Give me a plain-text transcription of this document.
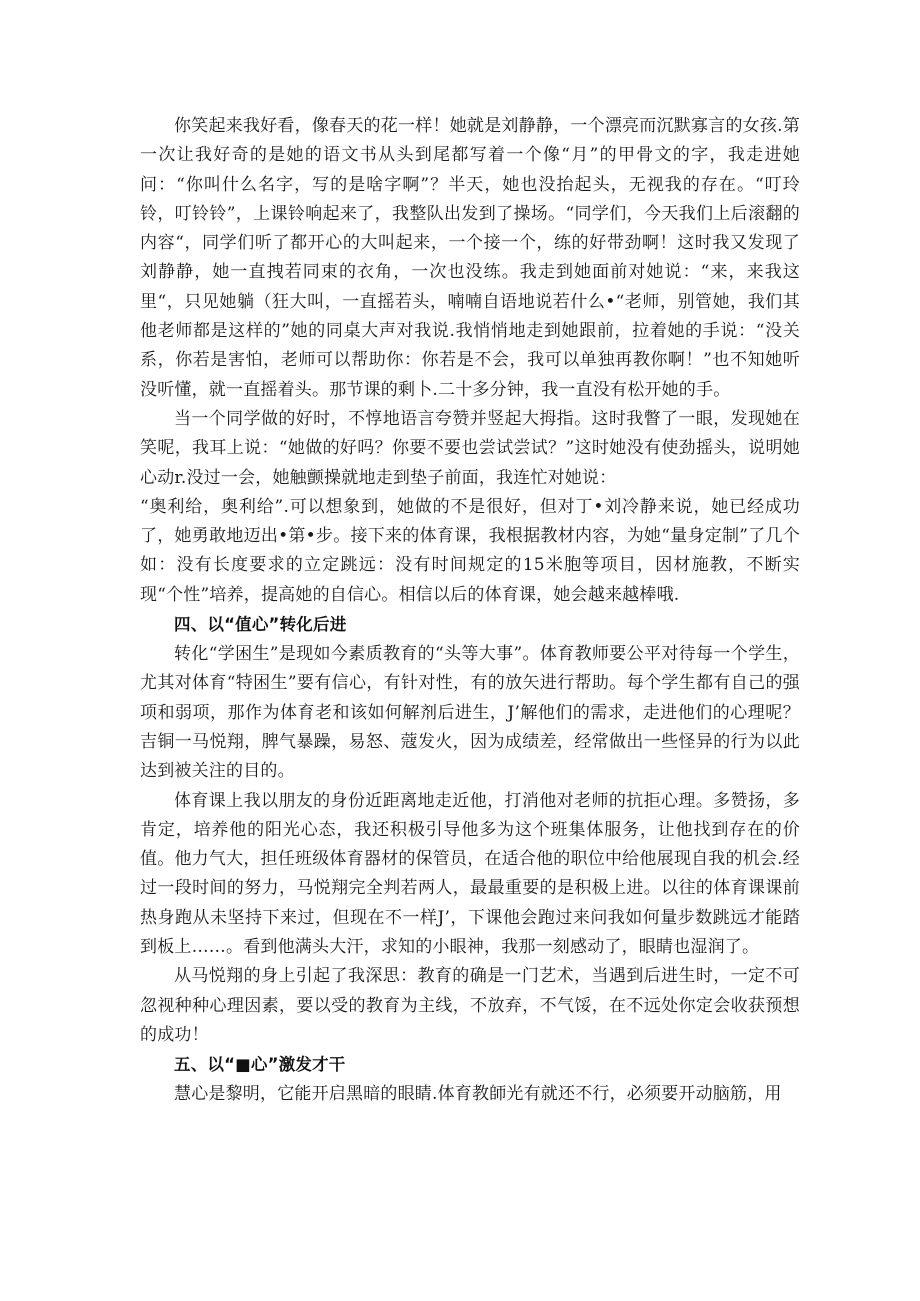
你笑起来我好看，像春天的花一样！她就是刘静静，一个漂亮而沉默寡言的女孩.第一次让我好奇的是她的语文书从头到尾都写着一个像“月”的甲骨文的字，我走进她问：“你叫什么名字，写的是啥字啊”？半天，她也没抬起头，无视我的存在。“叮玲铃，叮铃铃”，上课铃响起来了，我整队出发到了操场。“同学们，今天我们上后滚翻的内容“，同学们听了都开心的大叫起来，一个接一个，练的好带劲啊！这时我又发现了刘静静，她一直拽若同束的衣角，一次也没练。我走到她面前对她说：“来，来我这里“，只见她躺（狂大叫，一直摇若头，喃喃自语地说若什么•“老师，别管她，我们其他老师都是这样的”她的同桌大声对我说.我悄悄地走到她跟前，拉着她的手说：“没关系，你若是害怕，老师可以帮助你：你若是不会，我可以单独再教你啊！”也不知她听没听懂，就一直摇着头。那节课的剩卜.二十多分钟，我一直没有松开她的手。

当一个同学做的好时，不惇地语言夸赞并竖起大拇指。这时我瞥了一眼，发现她在笑呢，我耳上说：“她做的好吗？你要不要也尝试尝试？”这时她没有使劲摇头，说明她心动r.没过一会，她触颤操就地走到垫子前面，我连忙对她说：

“奥利给，奥利给”.可以想象到，她做的不是很好，但对丁•刘冷静来说，她已经成功了，她勇敢地迈出•第•步。接下来的体育课，我根据教材内容，为她“量身定制”了几个如：没有长度要求的立定跳远：没有时间规定的15米胞等项目，因材施教，不断实现“个性”培养，提高她的自信心。相信以后的体育课，她会越来越棒哦.

四、以“值心”转化后进

转化“学困生”是现如今素质教育的“头等大事”。体育教师要公平对待每一个学生，尤其对体育“特困生”要有信心，有针对性，有的放矢进行帮助。每个学生都有自己的强项和弱项，那作为体育老和该如何解剂后进生，J’解他们的需求，走进他们的心理呢？吉铜一马悦翔，脾气暴躁，易怒、蔻发火，因为成绩差，经常做出一些怪异的行为以此达到被关注的目的。

体育课上我以朋友的身份近距离地走近他，打消他对老师的抗拒心理。多赞扬，多肯定，培养他的阳光心态，我还积极引导他多为这个班集体服务，让他找到存在的价值。他力气大，担任班级体育器材的保管员，在适合他的职位中给他展现自我的机会.经过一段时间的努力，马悦翔完全判若两人，最最重要的是积极上进。以往的体育课课前热身跑从未坚持下来过，但现在不一样J’，下课他会跑过来问我如何量步数跳远才能踏到板上……。看到他满头大汗，求知的小眼神，我那一刻感动了，眼睛也湿润了。

从马悦翔的身上引起了我深思：教育的确是一门艺术，当遇到后进生时，一定不可忽视种种心理因素，要以受的教育为主线，不放弃，不气馁，在不远处你定会收获预想的成功！

五、以“■心”激发才干

慧心是黎明，它能开启黑暗的眼睛.体育教師光有就还不行，必须要开动脑筋，用
